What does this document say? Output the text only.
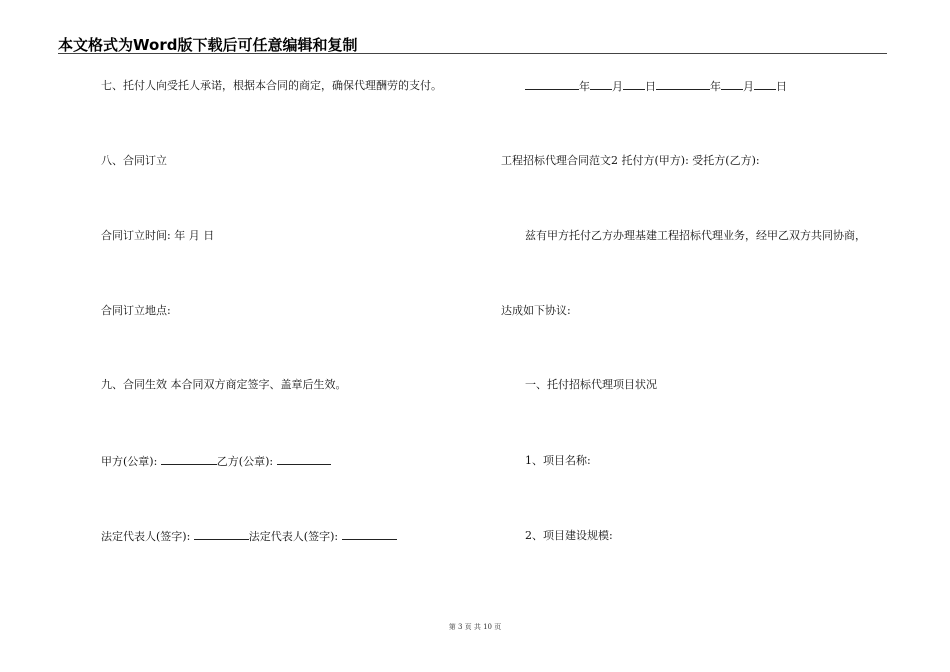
本文格式为Word版下载后可任意编辑和复制
七、托付人向受托人承诺，根据本合同的商定，确保代理酬劳的支付。
八、合同订立
合同订立时间: 年 月 日
合同订立地点:
九、合同生效 本合同双方商定签字、盖章后生效。
甲方(公章):	乙方(公章):
法定代表人(签字):	法定代表人(签字):
年 月 日	年 月 日
工程招标代理合同范文2 托付方(甲方): 受托方(乙方):
兹有甲方托付乙方办理基建工程招标代理业务，经甲乙双方共同协商，
达成如下协议:
一、托付招标代理项目状况
1、项目名称:
2、项目建设规模:
第 3 页 共 10 页
